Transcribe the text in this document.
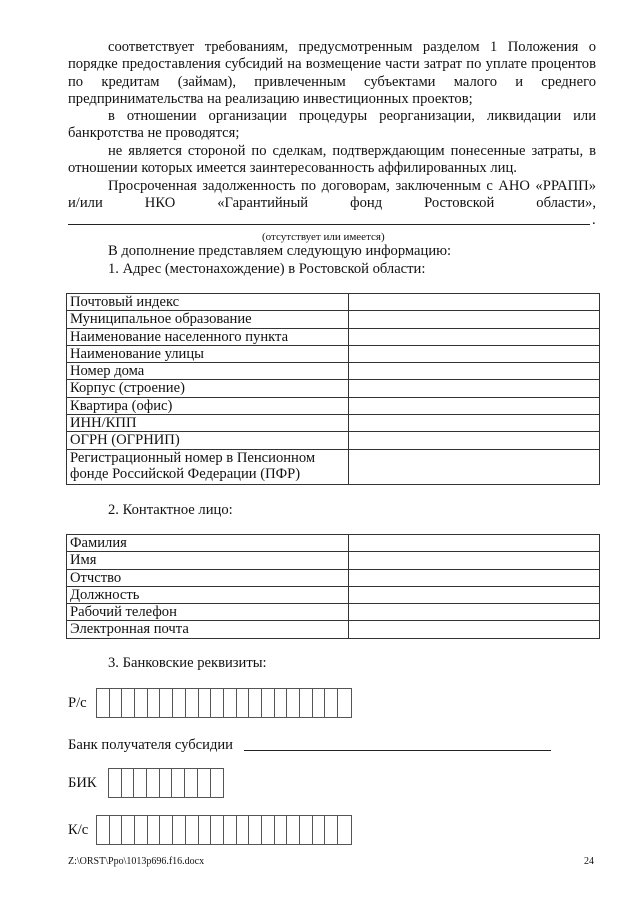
соответствует требованиям, предусмотренным разделом 1 Положения о порядке предоставления субсидий на возмещение части затрат по уплате процентов по кредитам (займам), привлеченным субъектами малого и среднего предпринимательства на реализацию инвестиционных проектов;
в отношении организации процедуры реорганизации, ликвидации или банкротства не проводятся;
не является стороной по сделкам, подтверждающим понесенные затраты, в отношении которых имеется заинтересованность аффилированных лиц.
Просроченная задолженность по договорам, заключенным с АНО «РРАПП» и/или НКО «Гарантийный фонд Ростовской области»,
.
(отсутствует или имеется)
В дополнение представляем следующую информацию:
1. Адрес (местонахождение) в Ростовской области:
Почтовый индекс	
Муниципальное образование	
Наименование населенного пункта	
Наименование улицы	
Номер дома	
Корпус (строение)	
Квартира (офис)	
ИНН/КПП	
ОГРН (ОГРНИП)	
Регистрационный номер в Пенсионном фонде Российской Федерации (ПФР)	
2. Контактное лицо:
Фамилия	
Имя	
Отчство	
Должность	
Рабочий телефон	
Электронная почта	
3. Банковские реквизиты:
Р/с
Банк получателя субсидии
БИК
К/с
Z:\ORST\Ppo\1013p696.f16.docx	24
